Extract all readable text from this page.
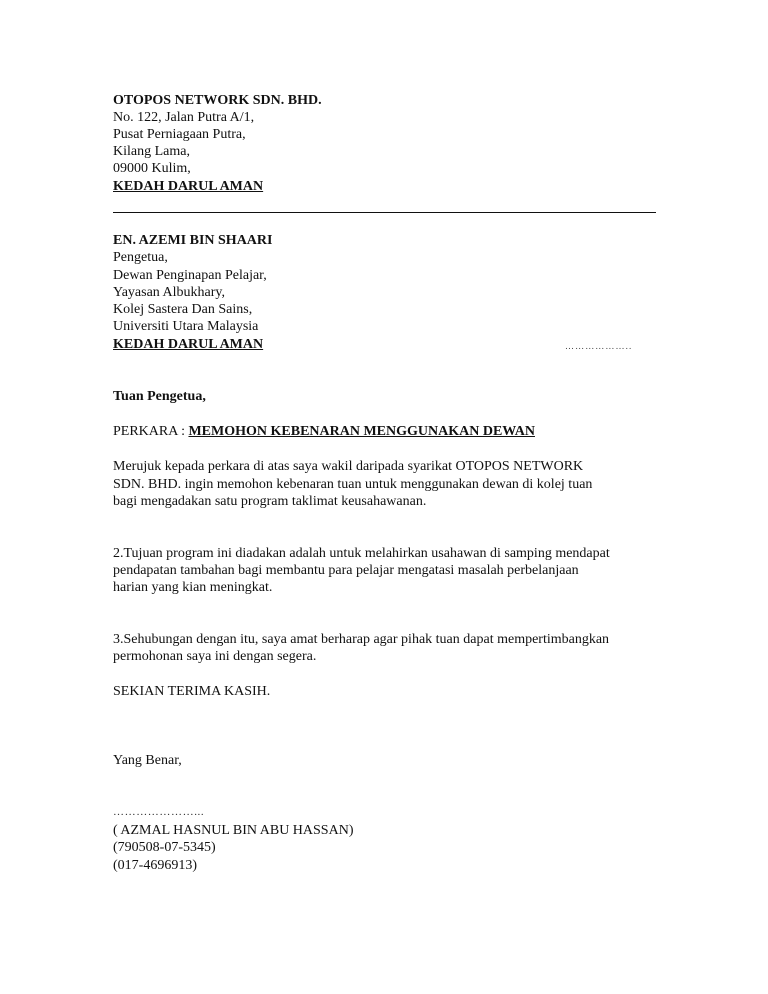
OTOPOS NETWORK SDN. BHD.
No. 122, Jalan Putra A/1,
Pusat Perniagaan Putra,
Kilang Lama,
09000 Kulim,
KEDAH DARUL AMAN
EN. AZEMI BIN SHAARI
Pengetua,
Dewan Penginapan Pelajar,
Yayasan Albukhary,
Kolej Sastera Dan Sains,
Universiti Utara Malaysia
KEDAH DARUL AMAN	………………..
Tuan Pengetua,
PERKARA : MEMOHON KEBENARAN MENGGUNAKAN DEWAN
Merujuk kepada perkara di atas saya wakil daripada syarikat OTOPOS NETWORK
SDN. BHD. ingin memohon kebenaran tuan untuk menggunakan dewan di kolej tuan
bagi mengadakan satu program taklimat keusahawanan.
2.Tujuan program ini diadakan adalah untuk melahirkan usahawan di samping mendapat
pendapatan tambahan bagi membantu para pelajar mengatasi masalah perbelanjaan
harian yang kian meningkat.
3.Sehubungan dengan itu, saya amat berharap agar pihak tuan dapat mempertimbangkan
permohonan saya ini dengan segera.
SEKIAN TERIMA KASIH.
Yang Benar,
…………………...
( AZMAL HASNUL BIN ABU HASSAN)
(790508-07-5345)
(017-4696913)
